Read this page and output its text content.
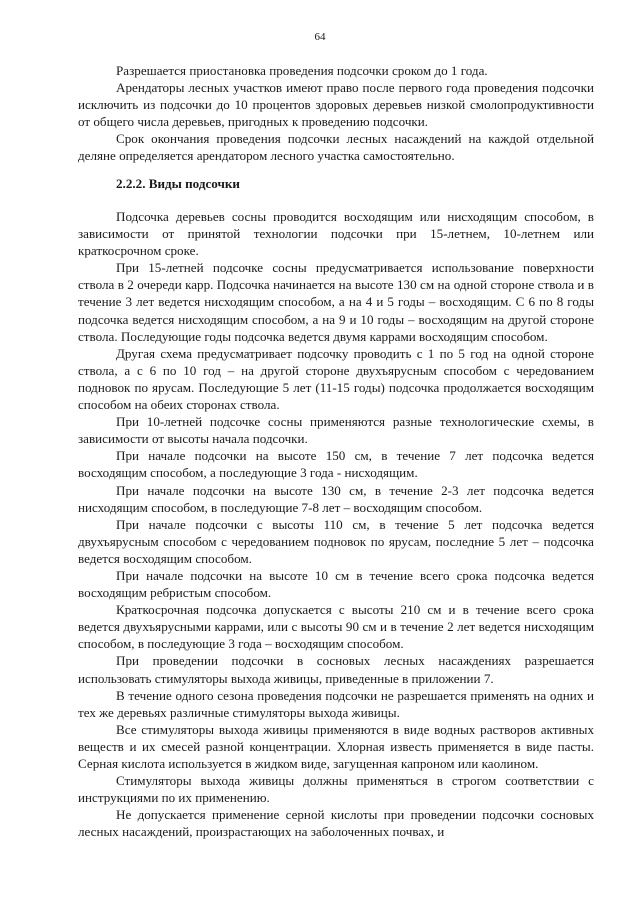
64

Разрешается приостановка проведения подсочки сроком до 1 года.

Арендаторы лесных участков имеют право после первого года проведения подсочки исключить из подсочки до 10 процентов здоровых деревьев низкой смолопродуктивности от общего числа деревьев, пригодных к проведению подсочки.

Срок окончания проведения подсочки лесных насаждений на каждой отдельной деляне определяется арендатором лесного участка самостоятельно.

2.2.2. Виды подсочки

Подсочка деревьев сосны проводится восходящим или нисходящим способом, в зависимости от принятой технологии подсочки при 15-летнем, 10-летнем или краткосрочном сроке.

При 15-летней подсочке сосны предусматривается использование поверхности ствола в 2 очереди карр. Подсочка начинается на высоте 130 см на одной стороне ствола и в течение 3 лет ведется нисходящим способом, а на 4 и 5 годы – восходящим. С 6 по 8 годы подсочка ведется нисходящим способом, а на 9 и 10 годы – восходящим на другой стороне ствола. Последующие годы подсочка ведется двумя каррами восходящим способом.

Другая схема предусматривает подсочку проводить с 1 по 5 год на одной стороне ствола, а с 6 по 10 год – на другой стороне двухъярусным способом с чередованием подновок по ярусам. Последующие 5 лет (11-15 годы) подсочка продолжается восходящим способом на обеих сторонах ствола.

При 10-летней подсочке сосны применяются разные технологические схемы, в зависимости от высоты начала подсочки.

При начале подсочки на высоте 150 см, в течение 7 лет подсочка ведется восходящим способом, а последующие 3 года - нисходящим.

При начале подсочки на высоте 130 см, в течение 2-3 лет подсочка ведется нисходящим способом, в последующие 7-8 лет – восходящим способом.

При начале подсочки с высоты 110 см, в течение 5 лет подсочка ведется двухъярусным способом с чередованием подновок по ярусам, последние 5 лет – подсочка ведется восходящим способом.

При начале подсочки на высоте 10 см в течение всего срока подсочка ведется восходящим ребристым способом.

Краткосрочная подсочка допускается с высоты 210 см и в течение всего срока ведется двухъярусными каррами, или с высоты 90 см и в течение 2 лет ведется нисходящим способом, в последующие 3 года – восходящим способом.

При проведении подсочки в сосновых лесных насаждениях разрешается использовать стимуляторы выхода живицы, приведенные в приложении 7.

В течение одного сезона проведения подсочки не разрешается применять на одних и тех же деревьях различные стимуляторы выхода живицы.

Все стимуляторы выхода живицы применяются в виде водных растворов активных веществ и их смесей разной концентрации. Хлорная известь применяется в виде пасты. Серная кислота используется в жидком виде, загущенная капроном или каолином.

Стимуляторы выхода живицы должны применяться в строгом соответствии с инструкциями по их применению.

Не допускается применение серной кислоты при проведении подсочки сосновых лесных насаждений, произрастающих на заболоченных почвах, и
